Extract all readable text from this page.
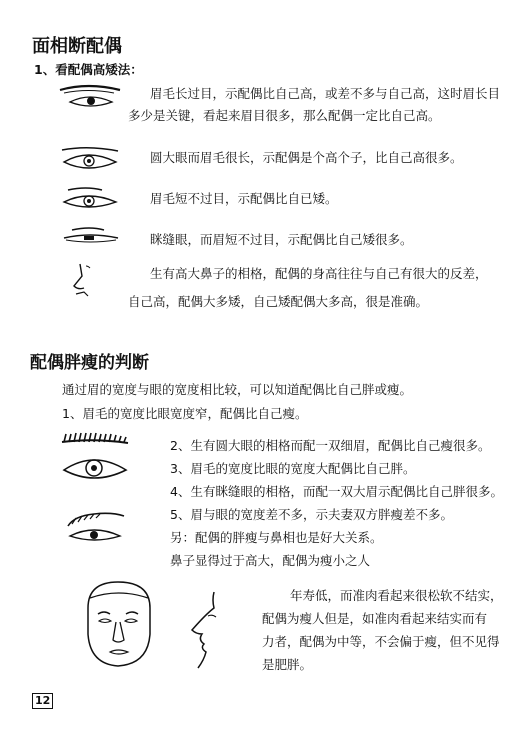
面相断配偶
1、看配偶高矮法：
眉毛长过目，示配偶比自己高，或差不多与自己高，这时眉长目
多少是关键，看起来眉目很多，那么配偶一定比自己高。
圆大眼而眉毛很长，示配偶是个高个子，比自己高很多。
眉毛短不过目，示配偶比自已矮。
眯缝眼，而眉短不过目，示配偶比自己矮很多。
生有高大鼻子的相格，配偶的身高往往与自己有很大的反差，
自己高，配偶大多矮，自己矮配偶大多高，很是准确。
配偶胖瘦的判断
通过眉的宽度与眼的宽度相比较，可以知道配偶比自己胖或瘦。
1、眉毛的宽度比眼宽度窄，配偶比自己瘦。
2、生有圆大眼的相格而配一双细眉，配偶比自己瘦很多。
3、眉毛的宽度比眼的宽度大配偶比自己胖。
4、生有眯缝眼的相格，而配一双大眉示配偶比自己胖很多。
5、眉与眼的宽度差不多，示夫妻双方胖瘦差不多。
另：配偶的胖瘦与鼻相也是好大关系。
鼻子显得过于高大，配偶为瘦小之人
年寿低，而准肉看起来很松软不结实，
配偶为瘦人但是，如准肉看起来结实而有
力者，配偶为中等，不会偏于瘦，但不见得
是肥胖。
12
